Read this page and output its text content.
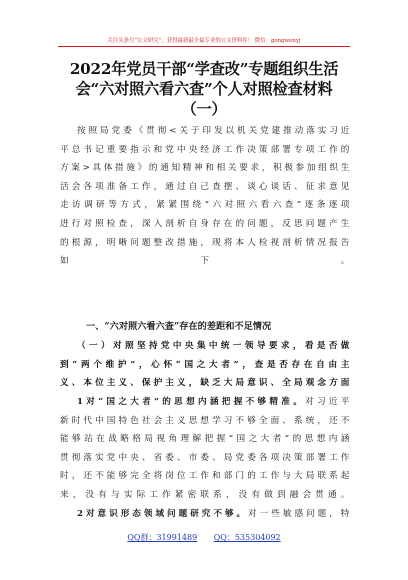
关注头条号“公文研究”，获得最新最全最专业的公文资料库！ 微信：gongwenyj
2022年党员干部“学查改”专题组织生活
会“六对照六看六查”个人对照检查材料
（一）
按照局党委《贯彻<关于印发以机关党建推动落实习近
平总书记重要指示和党中央经济工作决策部署专项工作的
方案>具体措施》的通知精神和相关要求，积极参加组织生
活会各项准备工作，通过自己查摆、谈心谈话、征求意见
走访调研等方式，紧紧围绕“六对照六看六查”逐条逐项
进行对照检查，深入剖析自身存在的问题，反思问题产生
的根源，明晰问题整改措施，现将本人检视剖析情况报告
如下。
一、“六对照六看六查”存在的差距和不足情况
（一）对照坚持党中央集中统一领导要求，看是否做
到“两个维护”，心怀“国之大者”，查是否存在自由主
义、本位主义、保护主义，缺乏大局意识、全局观念方面
1对“国之大者”的思想内涵把握不够精准。对习近平
新时代中国特色社会主义思想学习不够全面、系统，还不
能够站在战略格局视角理解把握“国之大者”的思想内涵
贯彻落实党中央、省委、市委、局党委各项决策部署工作
时，还不能够完全将岗位工作和部门的工作与大局联系起
来，没有与实际工作紧密联系，没有做到融会贯通。
2对意识形态领域问题研究不够。对一些敏感问题，特
QQ群：31991489 QQ：535304092
